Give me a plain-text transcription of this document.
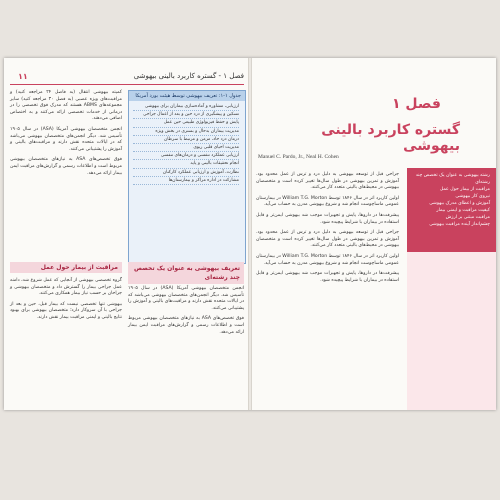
فصل ۱ - گستره کاربرد بالینی بیهوشی
۱۱

کمیته بیهوشی انتقال (به فاصل ۲۴ مراجعه کنید) و مراقبت‌های ویژه عصبی (به فصل ۳۰ مراجعه کنید) سایر مجموعه‌های ABMS هستند که مدرک فوق تخصصی را در درمانی از خدمات تخصصی ارائه می‌کنند و به اختصاص اضافی می‌دهند.

انجمن متخصصان بیهوشی آمریکا (ASA) در سال ۱۹۰۵ تأسیس شد. دیگر انجمن‌های متخصصان بیهوشی می‌باشد که در ایالات متحده نقش دارند و مراقبت‌های بالینی و آموزش را پشتیبانی می‌کنند.

فوق تخصص‌های ASA به نیازهای متخصصان بیهوشی مربوط است و اطلاعات رسمی و گزارش‌های مراقبت ایمن بیمار ارائه می‌دهد.

جدول ۱-۱: تعریف بیهوشی توسط هیئت بورد آمریکا
ارزیابی، مشاوره و آماده‌سازی بیماران برای بیهوشی
تسکین و پیشگیری از درد حین و بعد از اعمال جراحی
پایش و حفظ فیزیولوژی طبیعی حین عمل
مدیریت بیماران بدحال و بستری در بخش ویژه
درمان درد حاد، مزمن و مرتبط با سرطان
مدیریت احیای قلبی ریوی
ارزیابی عملکرد تنفسی و درمان‌های تنفسی
انجام تحقیقات بالینی و پایه
نظارت، آموزش و ارزیابی عملکرد کارکنان
مشارکت در اداره مراکز و بیمارستان‌ها
مراقبت از بیمار حول عمل	تعریف بیهوشی به عنوان یک تخصص چند رشته‌ای

گروه تخصصی بیهوشی از آنجایی که عمل شروع شد، دامنه عمل جراحی بیمار را گسترش داد و متخصصان بیهوشی و جراحان بر حسب نیاز بیمار همکاری می‌کنند.

بیهوشی تنها تخصصی نیست که بیمار قبل، حین و بعد از جراحی با آن سروکار دارد؛ متخصصان بیهوشی برای بهبود نتایج بالینی و ایمنی مراقبت بیمار نقش دارند.

انجمن متخصصان بیهوشی آمریکا (ASA) در سال ۱۹۰۵ تأسیس شد. دیگر انجمن‌های متخصصان بیهوشی می‌باشد که در ایالات متحده نقش دارند و مراقبت‌های بالینی و آموزش را پشتیبانی می‌کنند.

فوق تخصص‌های ASA به نیازهای متخصصان بیهوشی مربوط است و اطلاعات رسمی و گزارش‌های مراقبت ایمن بیمار ارائه می‌دهد.

فصل ۱
گستره کاربرد بالینی بیهوشی
Manuel C. Pardo, Jr., Neal H. Cohen

جراحی قبل از توسعه بیهوشی به دلیل درد و ترس از عمل محدود بود. آموزش و تمرین بیهوشی در طول سال‌ها تغییر کرده است و متخصصان بیهوشی در محیط‌های بالینی متعدد کار می‌کنند.

اولین کاربرد اتر در سال ۱۸۴۶ توسط William T.G. Morton در بیمارستان عمومی ماساچوست انجام شد و شروع بیهوشی مدرن به حساب می‌آید.

پیشرفت‌ها در داروها، پایش و تجهیزات موجب شد بیهوشی ایمن‌تر و قابل استفاده در بیماران با شرایط پیچیده شود.

جراحی قبل از توسعه بیهوشی به دلیل درد و ترس از عمل محدود بود. آموزش و تمرین بیهوشی در طول سال‌ها تغییر کرده است و متخصصان بیهوشی در محیط‌های بالینی متعدد کار می‌کنند.

اولین کاربرد اتر در سال ۱۸۴۶ توسط William T.G. Morton در بیمارستان عمومی ماساچوست انجام شد و شروع بیهوشی مدرن به حساب می‌آید.

پیشرفت‌ها در داروها، پایش و تجهیزات موجب شد بیهوشی ایمن‌تر و قابل استفاده در بیماران با شرایط پیچیده شود.

رشته بیهوشی به عنوان یک تخصص چند رشته‌ای
مراقبت از بیمار حول عمل
نیروی کار بیهوشی
آموزش و اعطای مدرک بیهوشی
کیفیت مراقبت و ایمنی بیمار
مراقبت مبتنی بر ارزش
چشم‌انداز آینده مراقبت بیهوشی
